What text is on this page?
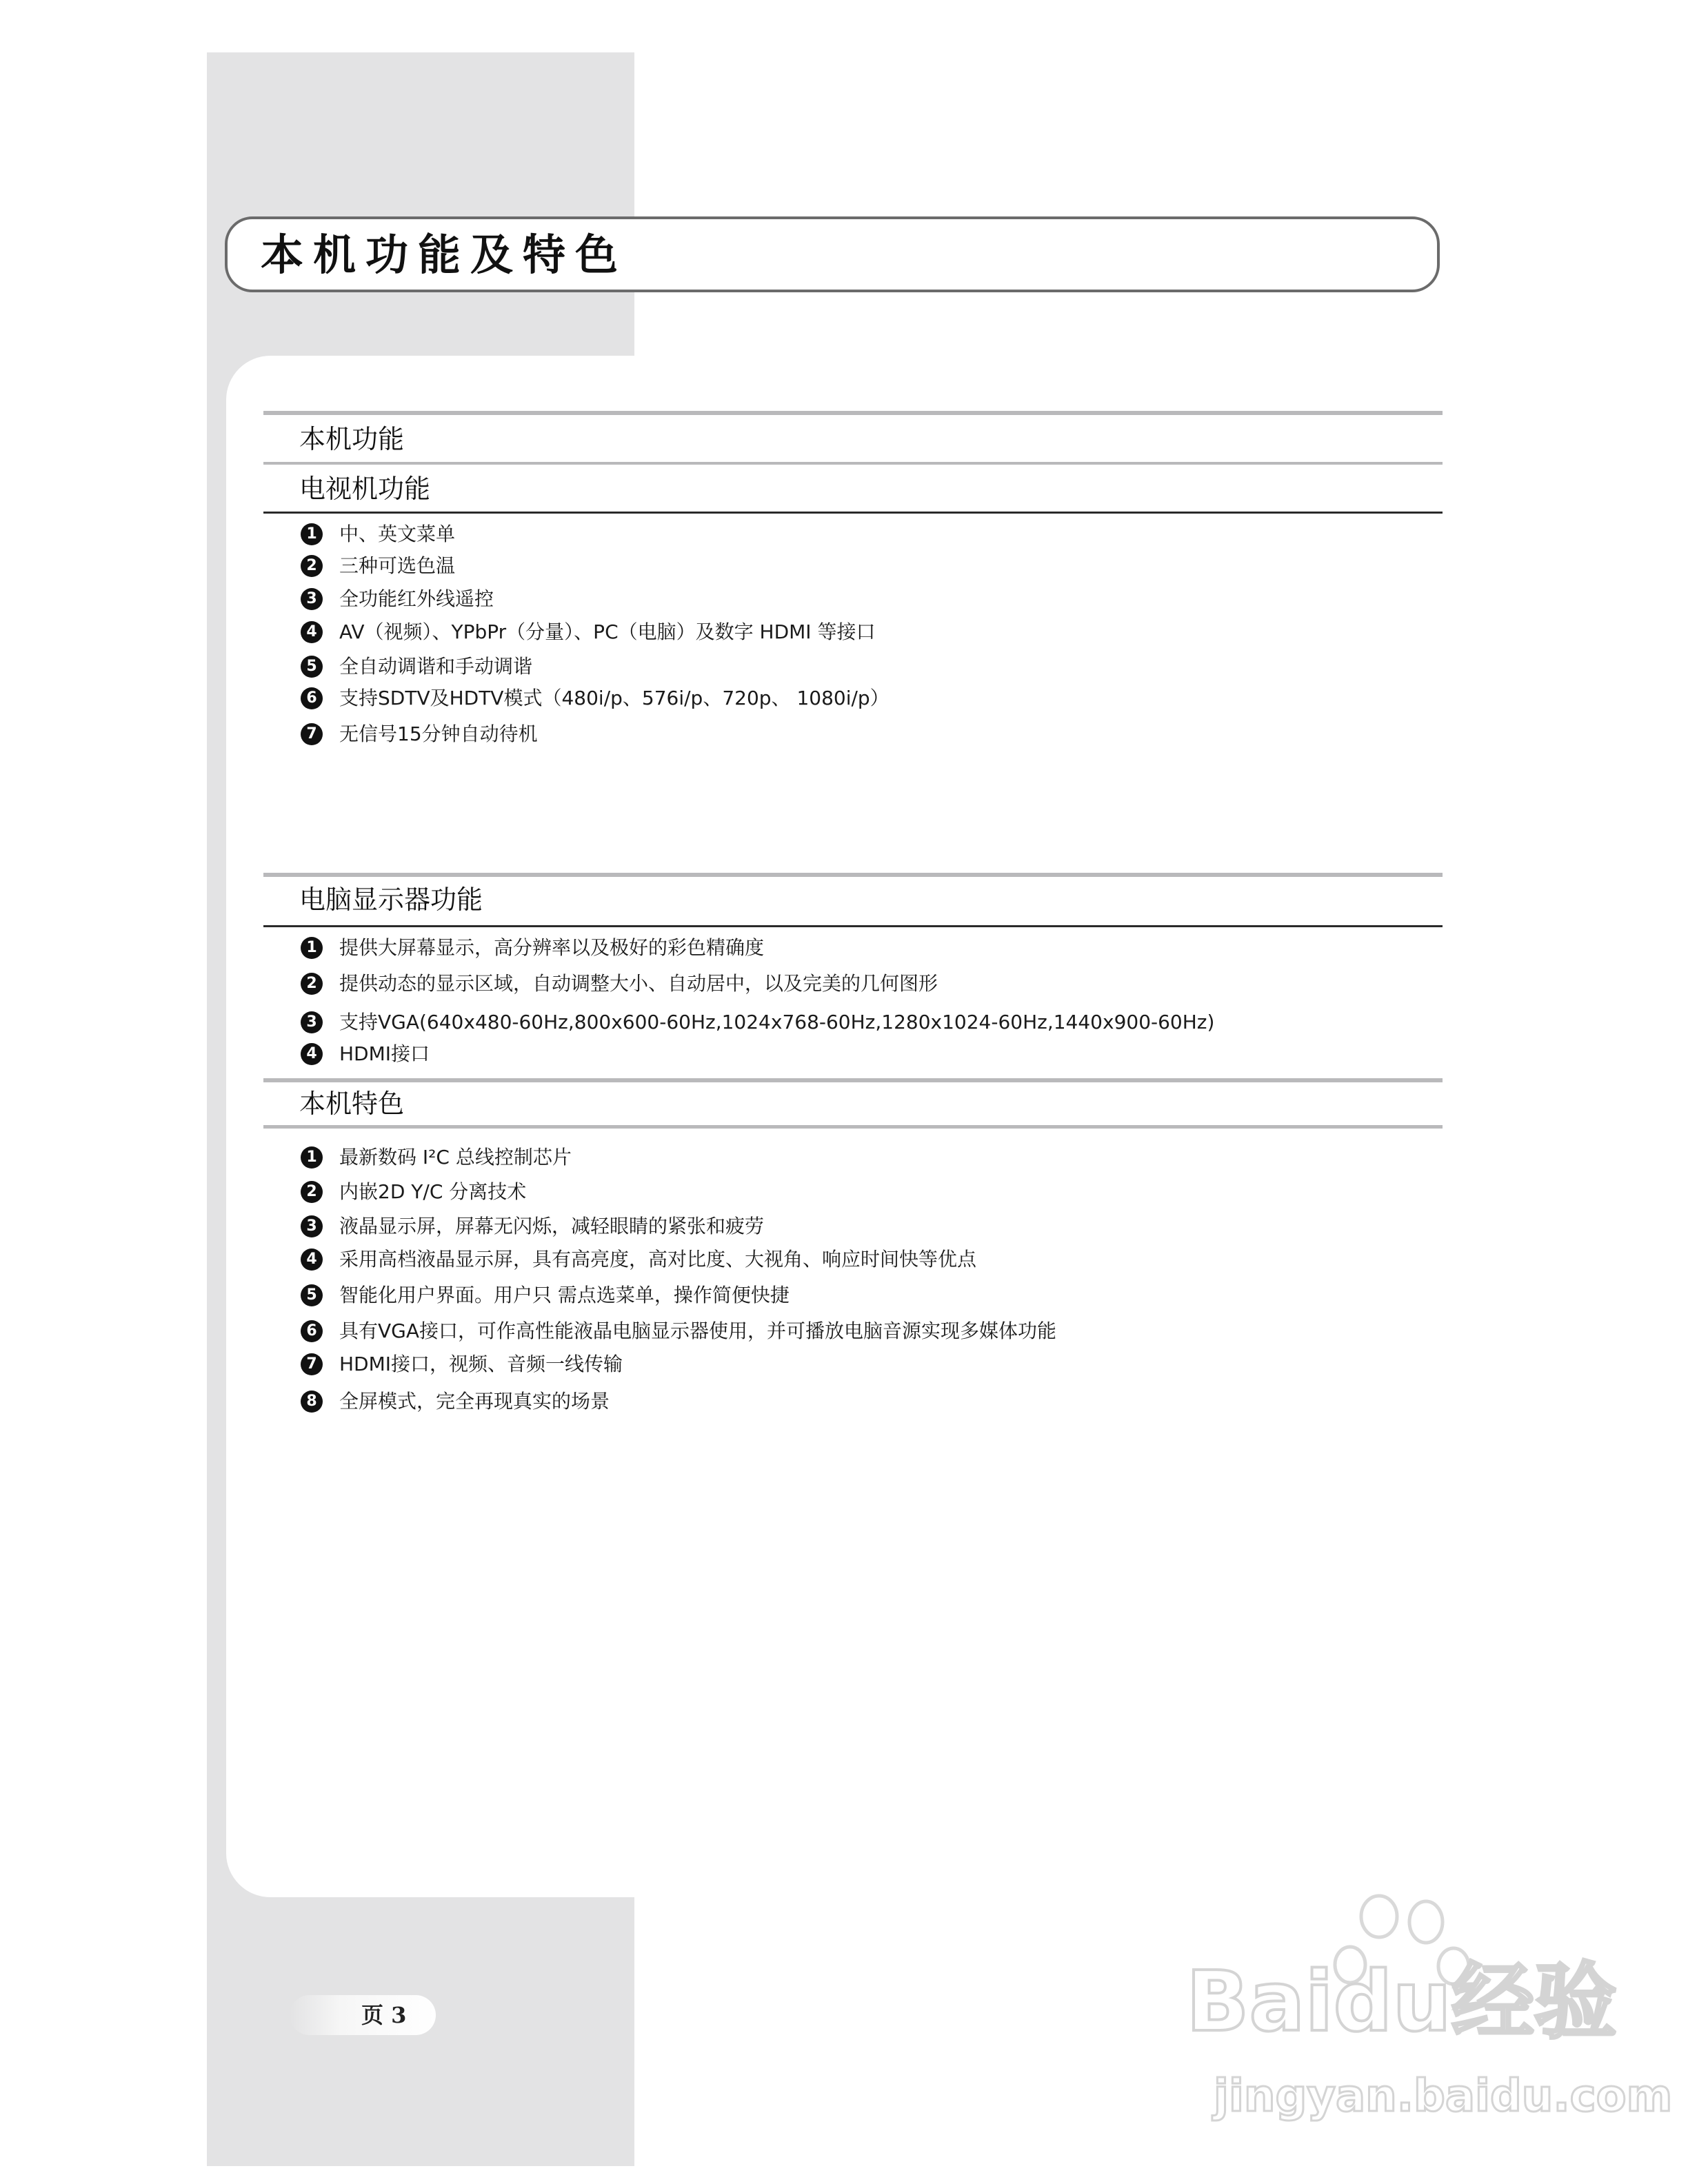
本机功能及特色
本机功能
电视机功能
1 中、英文菜单
2 三种可选色温
3 全功能红外线遥控
4 AV（视频）、YPbPr（分量）、PC（电脑）及数字 HDMI 等接口
5 全自动调谐和手动调谐
6 支持SDTV及HDTV模式（480i/p、576i/p、720p、 1080i/p）
7 无信号15分钟自动待机
电脑显示器功能
1 提供大屏幕显示，高分辨率以及极好的彩色精确度
2 提供动态的显示区域，自动调整大小、自动居中，以及完美的几何图形
3 支持VGA(640x480-60Hz,800x600-60Hz,1024x768-60Hz,1280x1024-60Hz,1440x900-60Hz)
4 HDMI接口
本机特色
1 最新数码 I²C 总线控制芯片
2 内嵌2D Y/C 分离技术
3 液晶显示屏，屏幕无闪烁，减轻眼睛的紧张和疲劳
4 采用高档液晶显示屏，具有高亮度，高对比度、大视角、响应时间快等优点
5 智能化用户界面。用户只 需点选菜单，操作简便快捷
6 具有VGA接口，可作高性能液晶电脑显示器使用，并可播放电脑音源实现多媒体功能
7 HDMI接口，视频、音频一线传输
8 全屏模式，完全再现真实的场景
页 3	Baidu经验
jingyan.baidu.com
